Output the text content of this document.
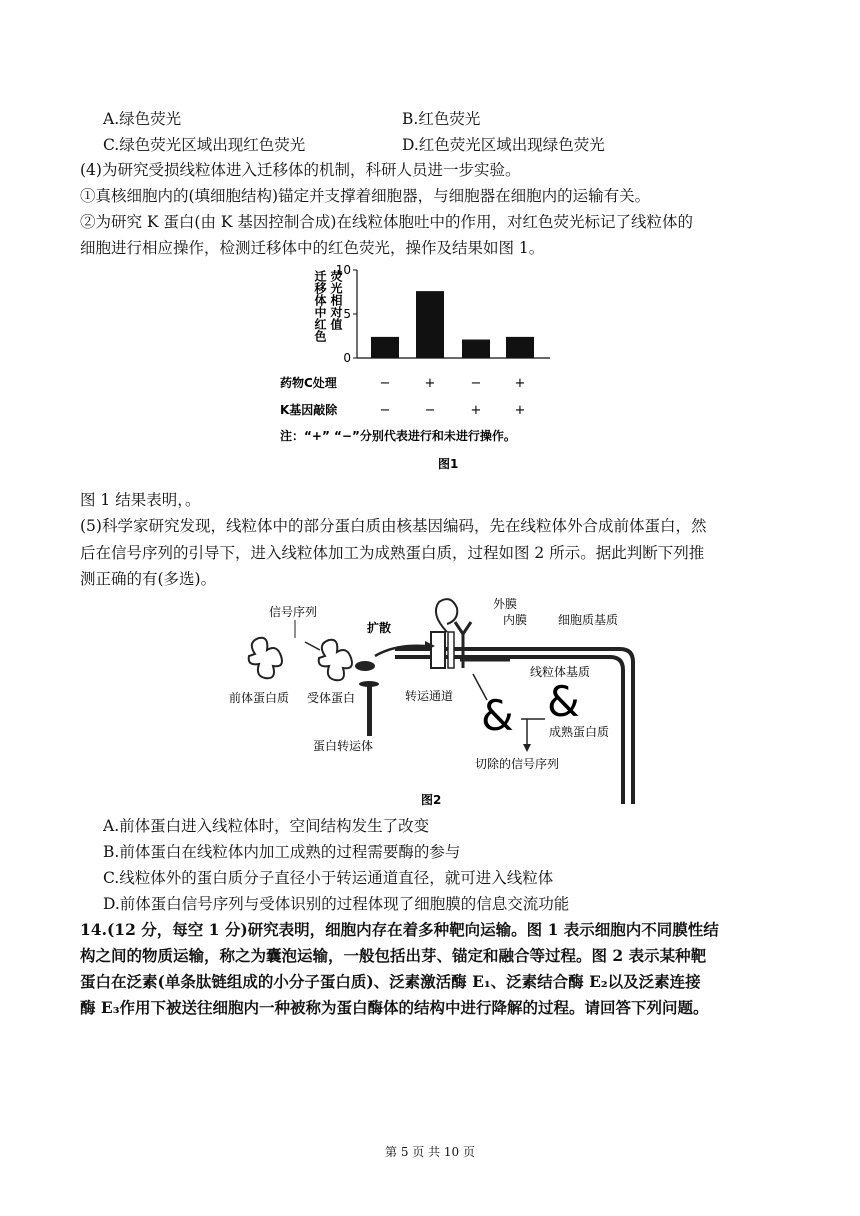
A.绿色荧光	B.红色荧光
C.绿色荧光区域出现红色荧光	D.红色荧光区域出现绿色荧光
(4)为研究受损线粒体进入迁移体的机制，科研人员进一步实验。
①真核细胞内的(填细胞结构)锚定并支撑着细胞器，与细胞器在细胞内的运输有关。
②为研究 K 蛋白(由 K 基因控制合成)在线粒体胞吐中的作用，对红色荧光标记了线粒体的
细胞进行相应操作，检测迁移体中的红色荧光，操作及结果如图 1。
迁移体中红色 荧光相对值
0
5
10
药物C处理	−	+	−	+
K基因敲除	−	−	+	+
注：“+” “−”分别代表进行和未进行操作。
图1
图 1 结果表明，。
(5)科学家研究发现，线粒体中的部分蛋白质由核基因编码，先在线粒体外合成前体蛋白，然
后在信号序列的引导下，进入线粒体加工为成熟蛋白质，过程如图 2 所示。据此判断下列推
测正确的有(多选)。
& &
信号序列
扩散
外膜
内膜	细胞质基质
线粒体基质
前体蛋白质 受体蛋白	转运通道
成熟蛋白质
蛋白转运体
切除的信号序列
图2
A.前体蛋白进入线粒体时，空间结构发生了改变
B.前体蛋白在线粒体内加工成熟的过程需要酶的参与
C.线粒体外的蛋白质分子直径小于转运通道直径，就可进入线粒体
D.前体蛋白信号序列与受体识别的过程体现了细胞膜的信息交流功能
14.(12 分，每空 1 分)研究表明，细胞内存在着多种靶向运输。图 1 表示细胞内不同膜性结
构之间的物质运输，称之为囊泡运输，一般包括出芽、锚定和融合等过程。图 2 表示某种靶
蛋白在泛素(单条肽链组成的小分子蛋白质)、泛素激活酶 E₁、泛素结合酶 E₂以及泛素连接
酶 E₃作用下被送往细胞内一种被称为蛋白酶体的结构中进行降解的过程。请回答下列问题。
第 5 页 共 10 页
